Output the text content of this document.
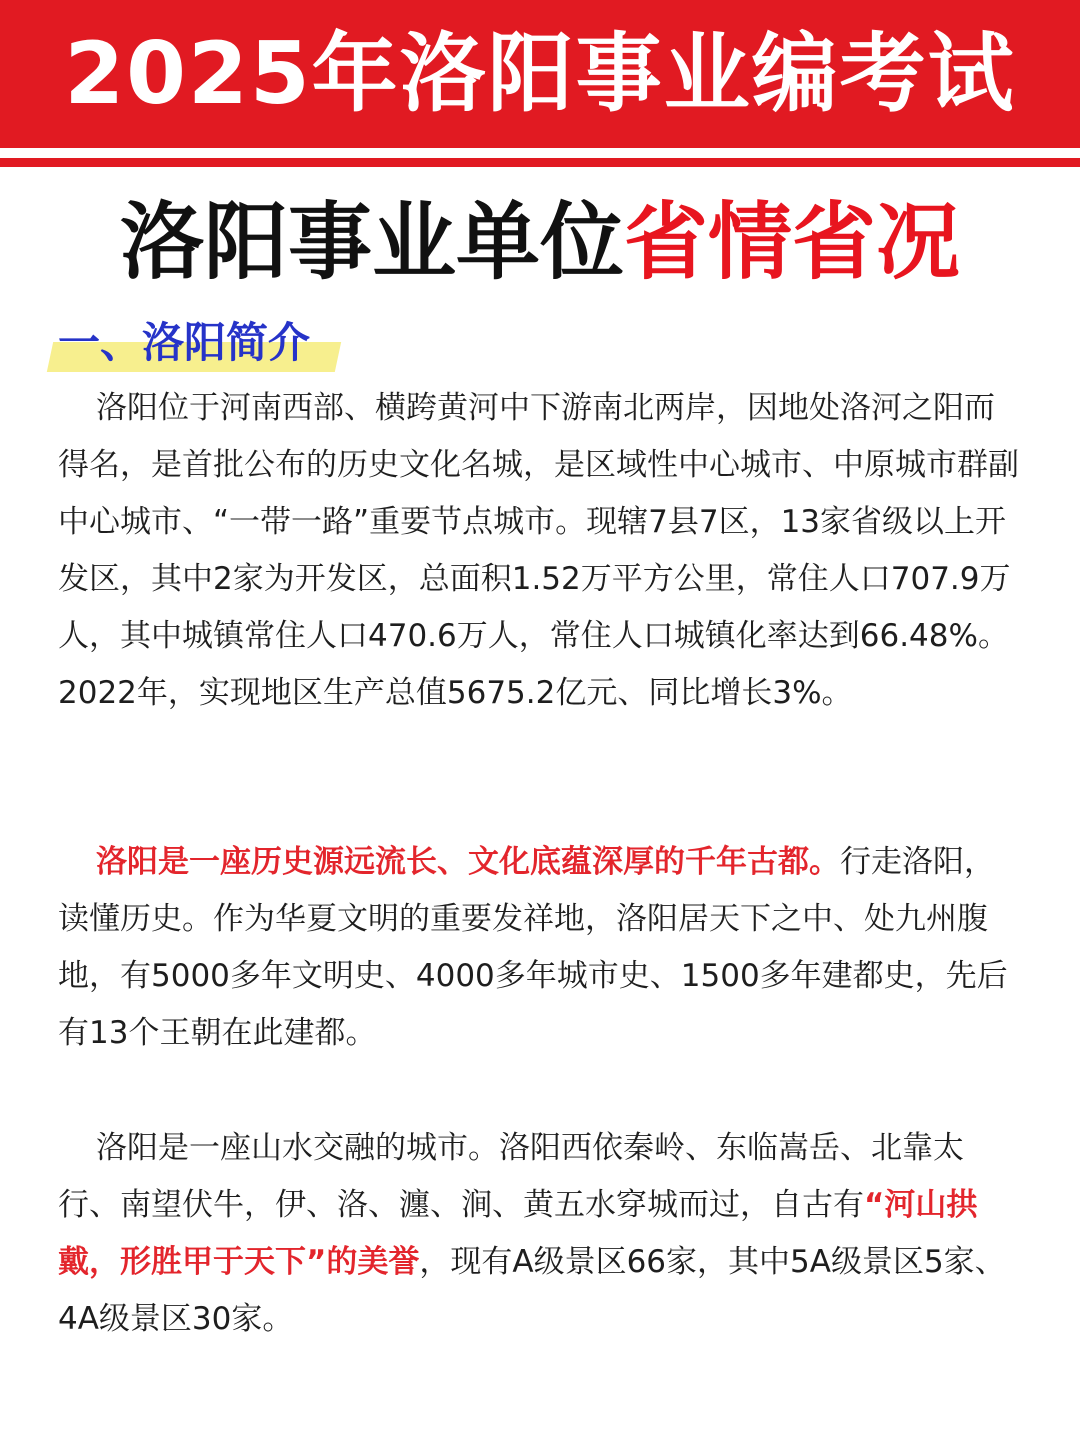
2025年洛阳事业编考试
洛阳事业单位省情省况
一、洛阳简介

洛阳位于河南西部、横跨黄河中下游南北两岸，因地处洛河之阳而得名，是首批公布的历史文化名城，是区域性中心城市、中原城市群副中心城市、“一带一路”重要节点城市。现辖7县7区，13家省级以上开发区，其中2家为开发区，总面积1.52万平方公里，常住人口707.9万人，其中城镇常住人口470.6万人，常住人口城镇化率达到66.48%。2022年，实现地区生产总值5675.2亿元、同比增长3%。

洛阳是一座历史源远流长、文化底蕴深厚的千年古都。行走洛阳，读懂历史。作为华夏文明的重要发祥地，洛阳居天下之中、处九州腹地，有5000多年文明史、4000多年城市史、1500多年建都史，先后有13个王朝在此建都。

洛阳是一座山水交融的城市。洛阳西依秦岭、东临嵩岳、北靠太行、南望伏牛，伊、洛、瀍、涧、黄五水穿城而过，自古有“河山拱戴，形胜甲于天下”的美誉，现有A级景区66家，其中5A级景区5家、4A级景区30家。
